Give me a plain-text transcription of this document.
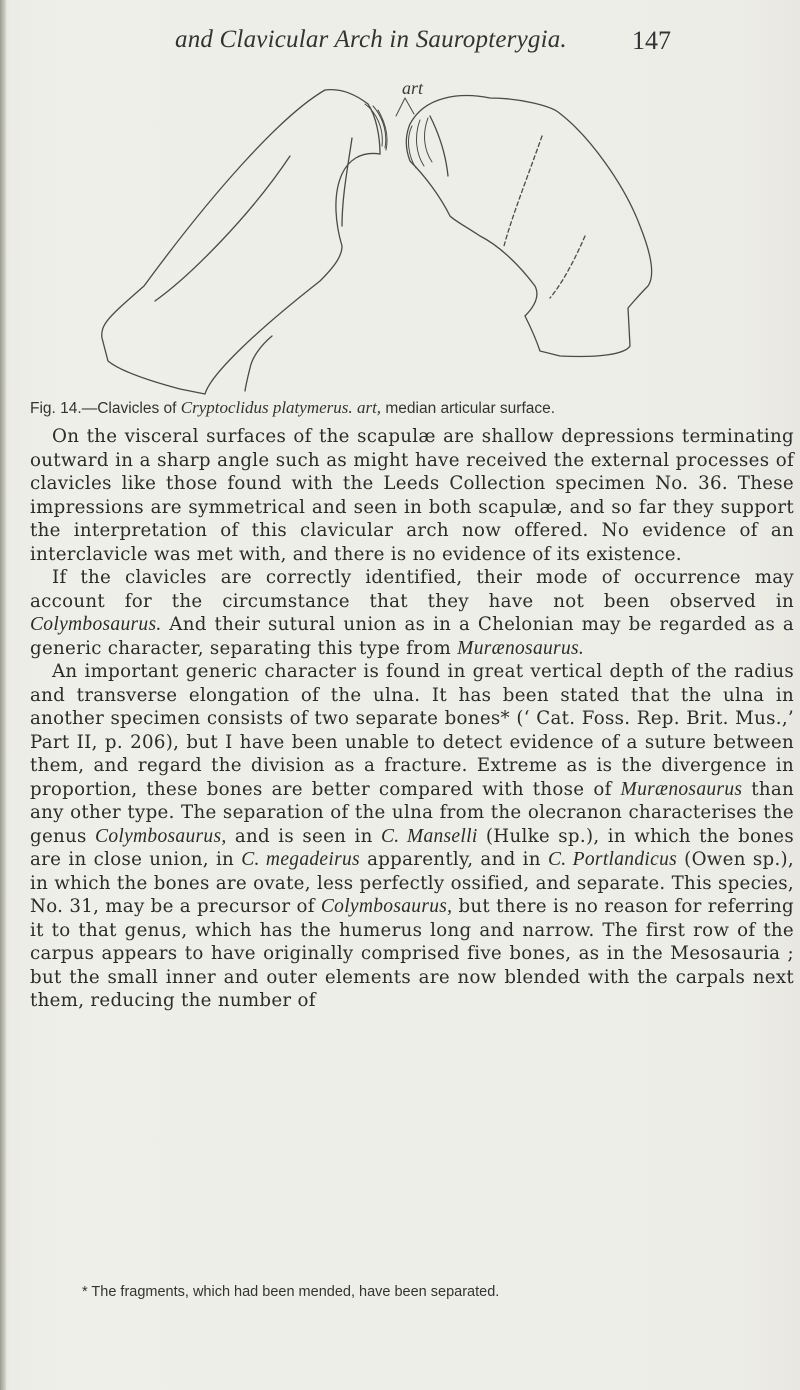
and Clavicular Arch in Sauropterygia.	147
art
Fig. 14.—Clavicles of Cryptoclidus platymerus. art, median articular surface.

On the visceral surfaces of the scapulæ are shallow depressions terminating outward in a sharp angle such as might have received the external processes of clavicles like those found with the Leeds Collection specimen No. 36. These impressions are symmetrical and seen in both scapulæ, and so far they support the interpretation of this clavicular arch now offered. No evidence of an interclavicle was met with, and there is no evidence of its existence.

If the clavicles are correctly identified, their mode of occurrence may account for the circumstance that they have not been observed in Colymbosaurus. And their sutural union as in a Chelonian may be regarded as a generic character, separating this type from Murænosaurus.

An important generic character is found in great vertical depth of the radius and transverse elongation of the ulna. It has been stated that the ulna in another specimen consists of two separate bones* (‘ Cat. Foss. Rep. Brit. Mus.,’ Part II, p. 206), but I have been unable to detect evidence of a suture between them, and regard the division as a fracture. Extreme as is the divergence in proportion, these bones are better compared with those of Murænosaurus than any other type. The separation of the ulna from the olecranon characterises the genus Colymbosaurus, and is seen in C. Manselli (Hulke sp.), in which the bones are in close union, in C. megadeirus apparently, and in C. Portlandicus (Owen sp.), in which the bones are ovate, less perfectly ossified, and separate. This species, No. 31, may be a precursor of Colymbosaurus, but there is no reason for referring it to that genus, which has the humerus long and narrow. The first row of the carpus appears to have originally comprised five bones, as in the Mesosauria ; but the small inner and outer elements are now blended with the carpals next them, reducing the number of

* The fragments, which had been mended, have been separated.
